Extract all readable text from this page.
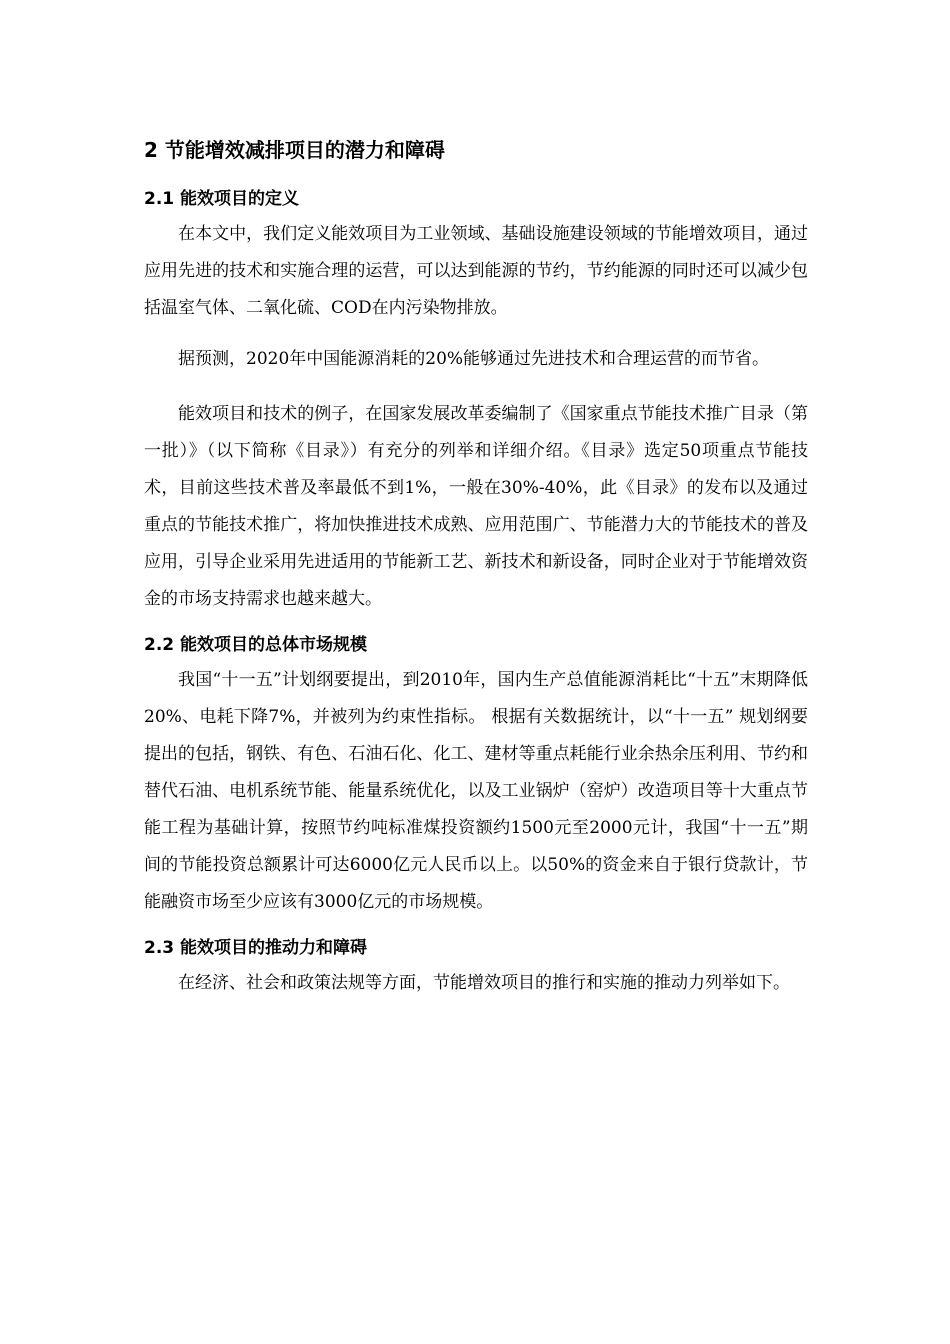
2 节能增效减排项目的潜力和障碍
2.1 能效项目的定义

在本文中，我们定义能效项目为工业领域、基础设施建设领域的节能增效项目，通过应用先进的技术和实施合理的运营，可以达到能源的节约，节约能源的同时还可以减少包括温室气体、二氧化硫、COD在内污染物排放。

据预测，2020年中国能源消耗的20%能够通过先进技术和合理运营的而节省。

能效项目和技术的例子，在国家发展改革委编制了《国家重点节能技术推广目录（第一批）》（以下简称《目录》）有充分的列举和详细介绍。《目录》选定50项重点节能技术，目前这些技术普及率最低不到1%，一般在30%-40%，此《目录》的发布以及通过重点的节能技术推广，将加快推进技术成熟、应用范围广、节能潜力大的节能技术的普及应用，引导企业采用先进适用的节能新工艺、新技术和新设备，同时企业对于节能增效资金的市场支持需求也越来越大。

2.2 能效项目的总体市场规模

我国“十一五”计划纲要提出，到2010年，国内生产总值能源消耗比“十五”末期降低20%、电耗下降7%，并被列为约束性指标。 根据有关数据统计，以“十一五” 规划纲要提出的包括，钢铁、有色、石油石化、化工、建材等重点耗能行业余热余压利用、节约和替代石油、电机系统节能、能量系统优化，以及工业锅炉（窑炉）改造项目等十大重点节能工程为基础计算，按照节约吨标准煤投资额约1500元至2000元计，我国“十一五”期间的节能投资总额累计可达6000亿元人民币以上。以50%的资金来自于银行贷款计，节能融资市场至少应该有3000亿元的市场规模。

2.3 能效项目的推动力和障碍

在经济、社会和政策法规等方面，节能增效项目的推行和实施的推动力列举如下。
